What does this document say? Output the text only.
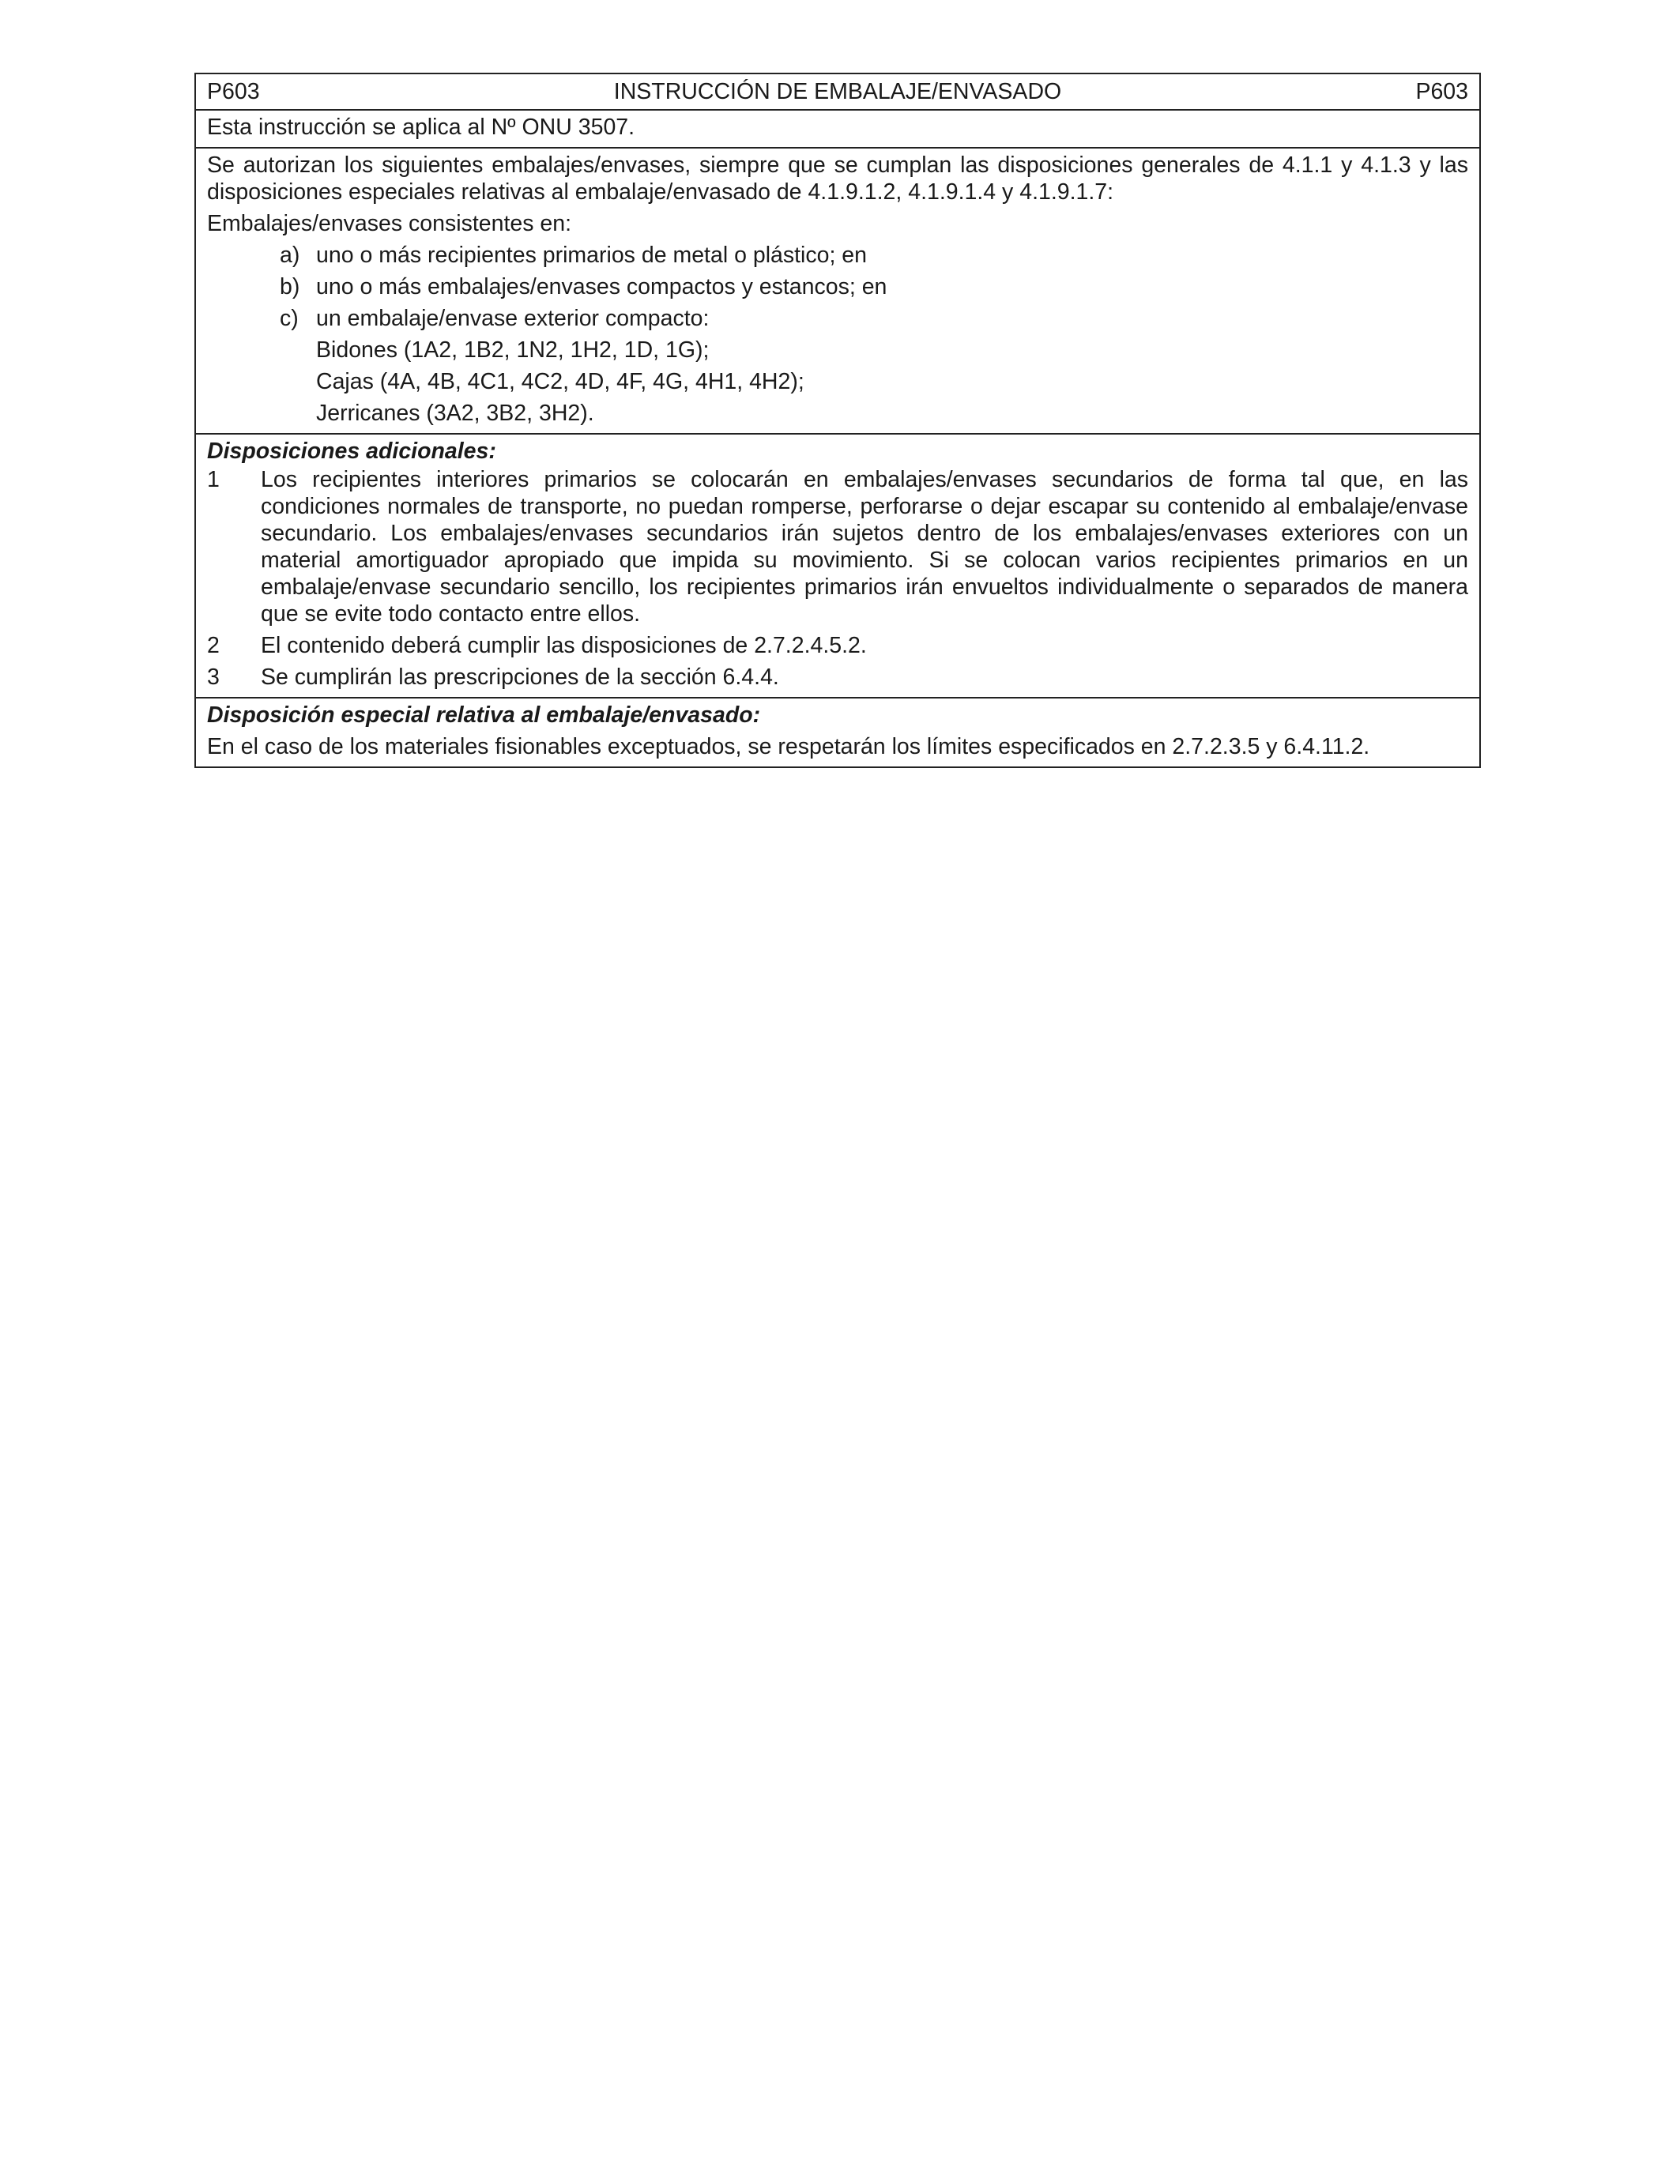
P603	INSTRUCCIÓN DE EMBALAJE/ENVASADO	P603

Esta instrucción se aplica al Nº ONU 3507.

Se autorizan los siguientes embalajes/envases, siempre que se cumplan las disposiciones generales de 4.1.1 y 4.1.3 y las disposiciones especiales relativas al embalaje/envasado de 4.1.9.1.2, 4.1.9.1.4 y 4.1.9.1.7:

Embalajes/envases consistentes en:

a) uno o más recipientes primarios de metal o plástico; en
b) uno o más embalajes/envases compactos y estancos; en
c) un embalaje/envase exterior compacto:
Bidones (1A2, 1B2, 1N2, 1H2, 1D, 1G);
Cajas (4A, 4B, 4C1, 4C2, 4D, 4F, 4G, 4H1, 4H2);
Jerricanes (3A2, 3B2, 3H2).

Disposiciones adicionales:

1	Los recipientes interiores primarios se colocarán en embalajes/envases secundarios de forma tal que, en las condiciones normales de transporte, no puedan romperse, perforarse o dejar escapar su contenido al embalaje/envase secundario. Los embalajes/envases secundarios irán sujetos dentro de los embalajes/envases exteriores con un material amortiguador apropiado que impida su movimiento. Si se colocan varios recipientes primarios en un embalaje/envase secundario sencillo, los recipientes primarios irán envueltos individualmente o separados de manera que se evite todo contacto entre ellos.
2	El contenido deberá cumplir las disposiciones de 2.7.2.4.5.2.
3	Se cumplirán las prescripciones de la sección 6.4.4.

Disposición especial relativa al embalaje/envasado:

En el caso de los materiales fisionables exceptuados, se respetarán los límites especificados en 2.7.2.3.5 y 6.4.11.2.
